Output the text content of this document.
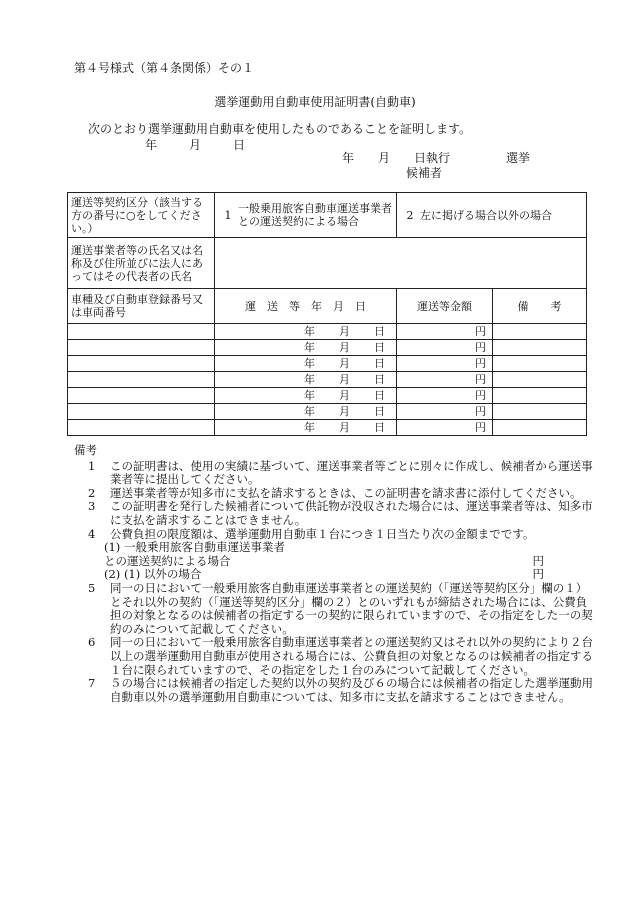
第４号様式（第４条関係）その１
選挙運動用自動車使用証明書(自動車)
次のとおり選挙運動用自動車を使用したものであることを証明します。
年	月	日
年　　月　　日執行	選挙
候補者
運送等契約区分（該当する方の番号に○をしてください。）	1 一般乗用旅客自動車運送事業者との運送契約による場合	2 左に掲げる場合以外の場合	

運送事業者等の氏名又は名称及び住所並びに法人にあってはその代表者の氏名			
車種及び自動車登録番号又は車両番号	運　送　等　年　月　日	運送等金額	備　　考

	年 月 日	円	

	年 月 日	円	

	年 月 日	円	

	年 月 日	円	

	年 月 日	円	

	年 月 日	円	

	年 月 日	円	

備考

1 この証明書は、使用の実績に基づいて、運送事業者等ごとに別々に作成し、候補者から運送事業者等に提出してください。

2 運送事業者等が知多市に支払を請求するときは、この証明書を請求書に添付してください。

3 この証明書を発行した候補者について供託物が没収された場合には、運送事業者等は、知多市に支払を請求することはできません。

4 公費負担の限度額は、選挙運動用自動車１台につき１日当たり次の金額までです。

(1) 一般乗用旅客自動車運送事業者

との運送契約による場合	円
(2) (1) 以外の場合	円

5 同一の日において一般乗用旅客自動車運送事業者との運送契約（「運送等契約区分」欄の１）とそれ以外の契約（「運送等契約区分」欄の２）とのいずれもが締結された場合には、公費負担の対象となるのは候補者の指定する一の契約に限られていますので、その指定をした一の契約のみについて記載してください。

6 同一の日において一般乗用旅客自動車運送事業者との運送契約又はそれ以外の契約により２台以上の選挙運動用自動車が使用される場合には、公費負担の対象となるのは候補者の指定する１台に限られていますので、その指定をした１台のみについて記載してください。

7 ５の場合には候補者の指定した契約以外の契約及び６の場合には候補者の指定した選挙運動用自動車以外の選挙運動用自動車については、知多市に支払を請求することはできません。
